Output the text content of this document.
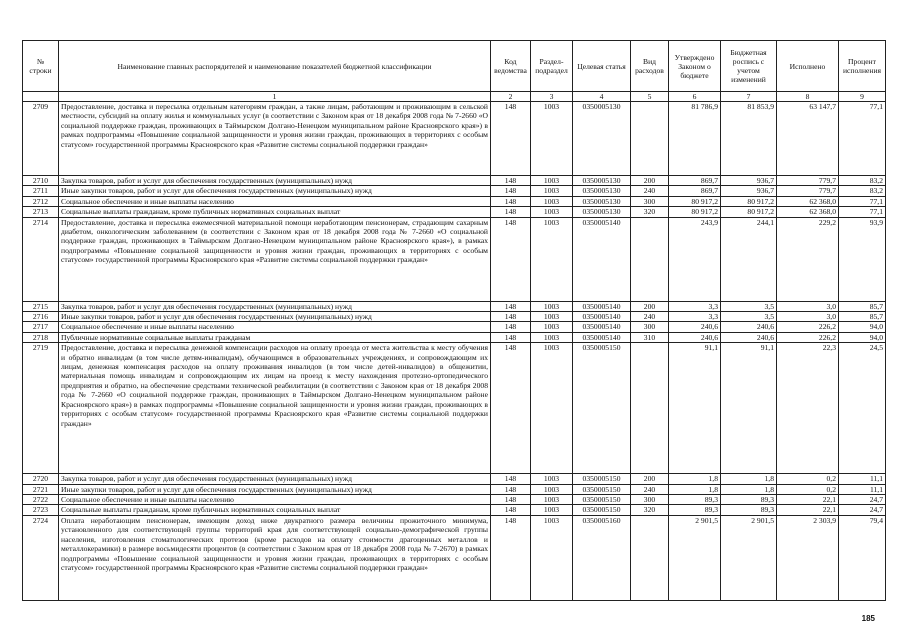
№ строки	Наименование главных распорядителей и наименование показателей бюджетной классификации	Код ведомства	Раздел-подраздел	Целевая статья	Вид расходов	Утверждено Законом о бюджете	Бюджетная роспись с учетом изменений	Исполнено	Процент исполнения
	1	2	3	4	5	6	7	8	9
2709	Предоставление, доставка и пересылка отдельным категориям граждан, а также лицам, работающим и проживающим в сельской местности, субсидий на оплату жилья и коммунальных услуг (в соответствии с Законом края от 18 декабря 2008 года № 7-2660 «О социальной поддержке граждан, проживающих в Таймырском Долгано-Ненецком муниципальном районе Красноярского края») в рамках подпрограммы «Повышение социальной защищенности и уровня жизни граждан, проживающих в территориях с особым статусом» государственной программы Красноярского края «Развитие системы социальной поддержки граждан»	148	1003	0350005130		81 786,9	81 853,9	63 147,7	77,1
2710	Закупка товаров, работ и услуг для обеспечения государственных (муниципальных) нужд	148	1003	0350005130	200	869,7	936,7	779,7	83,2
2711	Иные закупки товаров, работ и услуг для обеспечения государственных (муниципальных) нужд	148	1003	0350005130	240	869,7	936,7	779,7	83,2
2712	Социальное обеспечение и иные выплаты населению	148	1003	0350005130	300	80 917,2	80 917,2	62 368,0	77,1
2713	Социальные выплаты гражданам, кроме публичных нормативных социальных выплат	148	1003	0350005130	320	80 917,2	80 917,2	62 368,0	77,1
2714	Предоставление, доставка и пересылка ежемесячной материальной помощи неработающим пенсионерам, страдающим сахарным диабетом, онкологическим заболеванием (в соответствии с Законом края от 18 декабря 2008 года № 7-2660 «О социальной поддержке граждан, проживающих в Таймырском Долгано-Ненецком муниципальном районе Красноярского края»), в рамках подпрограммы «Повышение социальной защищенности и уровня жизни граждан, проживающих в территориях с особым статусом» государственной программы Красноярского края «Развитие системы социальной поддержки граждан»	148	1003	0350005140		243,9	244,1	229,2	93,9
2715	Закупка товаров, работ и услуг для обеспечения государственных (муниципальных) нужд	148	1003	0350005140	200	3,3	3,5	3,0	85,7
2716	Иные закупки товаров, работ и услуг для обеспечения государственных (муниципальных) нужд	148	1003	0350005140	240	3,3	3,5	3,0	85,7
2717	Социальное обеспечение и иные выплаты населению	148	1003	0350005140	300	240,6	240,6	226,2	94,0
2718	Публичные нормативные социальные выплаты гражданам	148	1003	0350005140	310	240,6	240,6	226,2	94,0
2719	Предоставление, доставка и пересылка денежной компенсации расходов на оплату проезда от места жительства к месту обучения и обратно инвалидам (в том числе детям-инвалидам), обучающимся в образовательных учреждениях, и сопровождающим их лицам, денежная компенсация расходов на оплату проживания инвалидов (в том числе детей-инвалидов) в общежитии, материальная помощь инвалидам и сопровождающим их лицам на проезд к месту нахождения протезно-ортопедического предприятия и обратно, на обеспечение средствами технической реабилитации (в соответствии с Законом края от 18 декабря 2008 года № 7-2660 «О социальной поддержке граждан, проживающих в Таймырском Долгано-Ненецком муниципальном районе Красноярского края») в рамках подпрограммы «Повышение социальной защищенности и уровня жизни граждан, проживающих в территориях с особым статусом» государственной программы Красноярского края «Развитие системы социальной поддержки граждан»	148	1003	0350005150		91,1	91,1	22,3	24,5
2720	Закупка товаров, работ и услуг для обеспечения государственных (муниципальных) нужд	148	1003	0350005150	200	1,8	1,8	0,2	11,1
2721	Иные закупки товаров, работ и услуг для обеспечения государственных (муниципальных) нужд	148	1003	0350005150	240	1,8	1,8	0,2	11,1
2722	Социальное обеспечение и иные выплаты населению	148	1003	0350005150	300	89,3	89,3	22,1	24,7
2723	Социальные выплаты гражданам, кроме публичных нормативных социальных выплат	148	1003	0350005150	320	89,3	89,3	22,1	24,7
2724	Оплата неработающим пенсионерам, имеющим доход ниже двукратного размера величины прожиточного минимума, установленного для соответствующей группы территорий края для соответствующей социально-демографической группы населения, изготовления стоматологических протезов (кроме расходов на оплату стоимости драгоценных металлов и металлокерамики) в размере восьмидесяти процентов (в соответствии с Законом края от 18 декабря 2008 года № 7-2670) в рамках подпрограммы «Повышение социальной защищенности и уровня жизни граждан, проживающих в территориях с особым статусом» государственной программы Красноярского края «Развитие системы социальной поддержки граждан»	148	1003	0350005160		2 901,5	2 901,5	2 303,9	79,4
185
